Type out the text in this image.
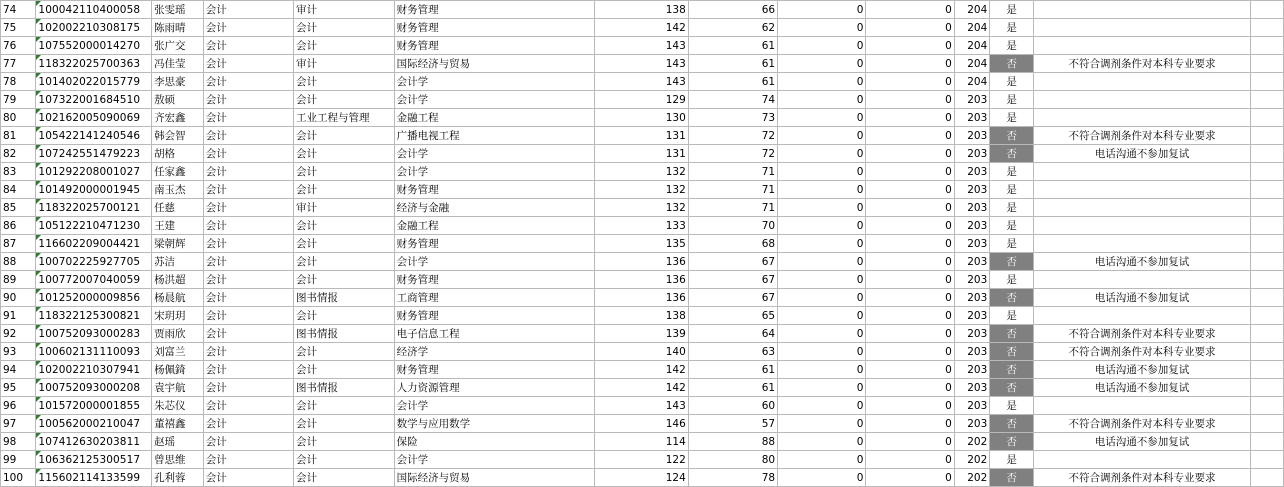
74	100042110400058	张雯瑶	会计	审计	财务管理	138	66	0	0	204	是		
75	102002210308175	陈雨晴	会计	会计	财务管理	142	62	0	0	204	是		
76	107552000014270	张广交	会计	会计	财务管理	143	61	0	0	204	是		
77	118322025700363	冯佳莹	会计	审计	国际经济与贸易	143	61	0	0	204	否	不符合调剂条件对本科专业要求	
78	101402022015779	李思豪	会计	会计	会计学	143	61	0	0	204	是		
79	107322001684510	敖硕	会计	会计	会计学	129	74	0	0	203	是		
80	102162005090069	齐宏鑫	会计	工业工程与管理	金融工程	130	73	0	0	203	是		
81	105422141240546	韩会智	会计	会计	广播电视工程	131	72	0	0	203	否	不符合调剂条件对本科专业要求	
82	107242551479223	胡格	会计	会计	会计学	131	72	0	0	203	否	电话沟通不参加复试	
83	101292208001027	任家鑫	会计	会计	会计学	132	71	0	0	203	是		
84	101492000001945	南玉杰	会计	会计	财务管理	132	71	0	0	203	是		
85	118322025700121	任慈	会计	审计	经济与金融	132	71	0	0	203	是		
86	105122210471230	王建	会计	会计	金融工程	133	70	0	0	203	是		
87	116602209004421	梁朝辉	会计	会计	财务管理	135	68	0	0	203	是		
88	100702225927705	苏洁	会计	会计	会计学	136	67	0	0	203	否	电话沟通不参加复试	
89	100772007040059	杨洪超	会计	会计	财务管理	136	67	0	0	203	是		
90	101252000009856	杨晨航	会计	图书情报	工商管理	136	67	0	0	203	否	电话沟通不参加复试	
91	118322125300821	宋玥玥	会计	会计	财务管理	138	65	0	0	203	是		
92	100752093000283	贾雨欣	会计	图书情报	电子信息工程	139	64	0	0	203	否	不符合调剂条件对本科专业要求	
93	100602131110093	刘富兰	会计	会计	经济学	140	63	0	0	203	否	不符合调剂条件对本科专业要求	
94	102002210307941	杨佩錡	会计	会计	财务管理	142	61	0	0	203	否	电话沟通不参加复试	
95	100752093000208	袁宇航	会计	图书情报	人力资源管理	142	61	0	0	203	否	电话沟通不参加复试	
96	101572000001855	朱芯仪	会计	会计	会计学	143	60	0	0	203	是		
97	100562000210047	董禧鑫	会计	会计	数学与应用数学	146	57	0	0	203	否	不符合调剂条件对本科专业要求	
98	107412630203811	赵瑶	会计	会计	保险	114	88	0	0	202	否	电话沟通不参加复试	
99	106362125300517	曾思维	会计	会计	会计学	122	80	0	0	202	是		
100	115602114133599	孔利蓉	会计	会计	国际经济与贸易	124	78	0	0	202	否	不符合调剂条件对本科专业要求	
